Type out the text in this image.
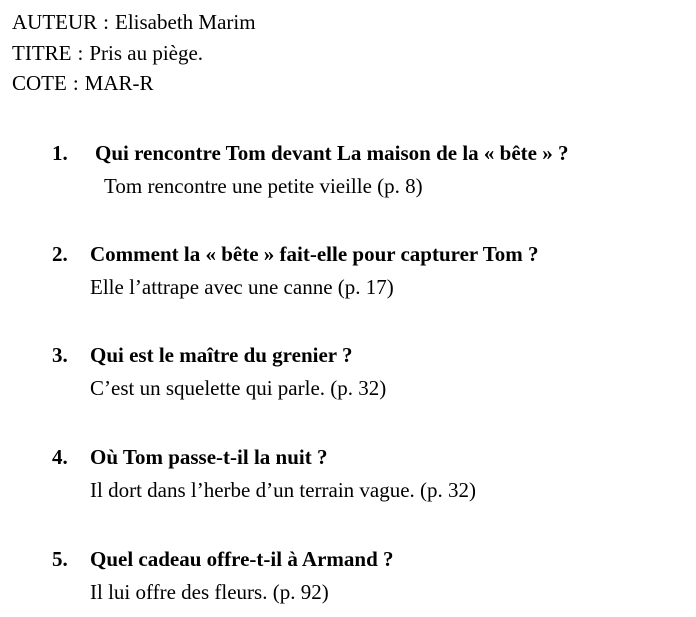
AUTEUR : Elisabeth Marim
TITRE : Pris au piège.
COTE : MAR-R
1. Qui rencontre Tom devant La maison de la « bête » ?
Tom rencontre une petite vieille (p. 8)
2. Comment la « bête » fait-elle pour capturer Tom ?
Elle l’attrape avec une canne (p. 17)
3. Qui est le maître du grenier ?
C’est un squelette qui parle. (p. 32)
4. Où Tom passe-t-il la nuit ?
Il dort dans l’herbe d’un terrain vague. (p. 32)
5. Quel cadeau offre-t-il à Armand ?
Il lui offre des fleurs. (p. 92)
